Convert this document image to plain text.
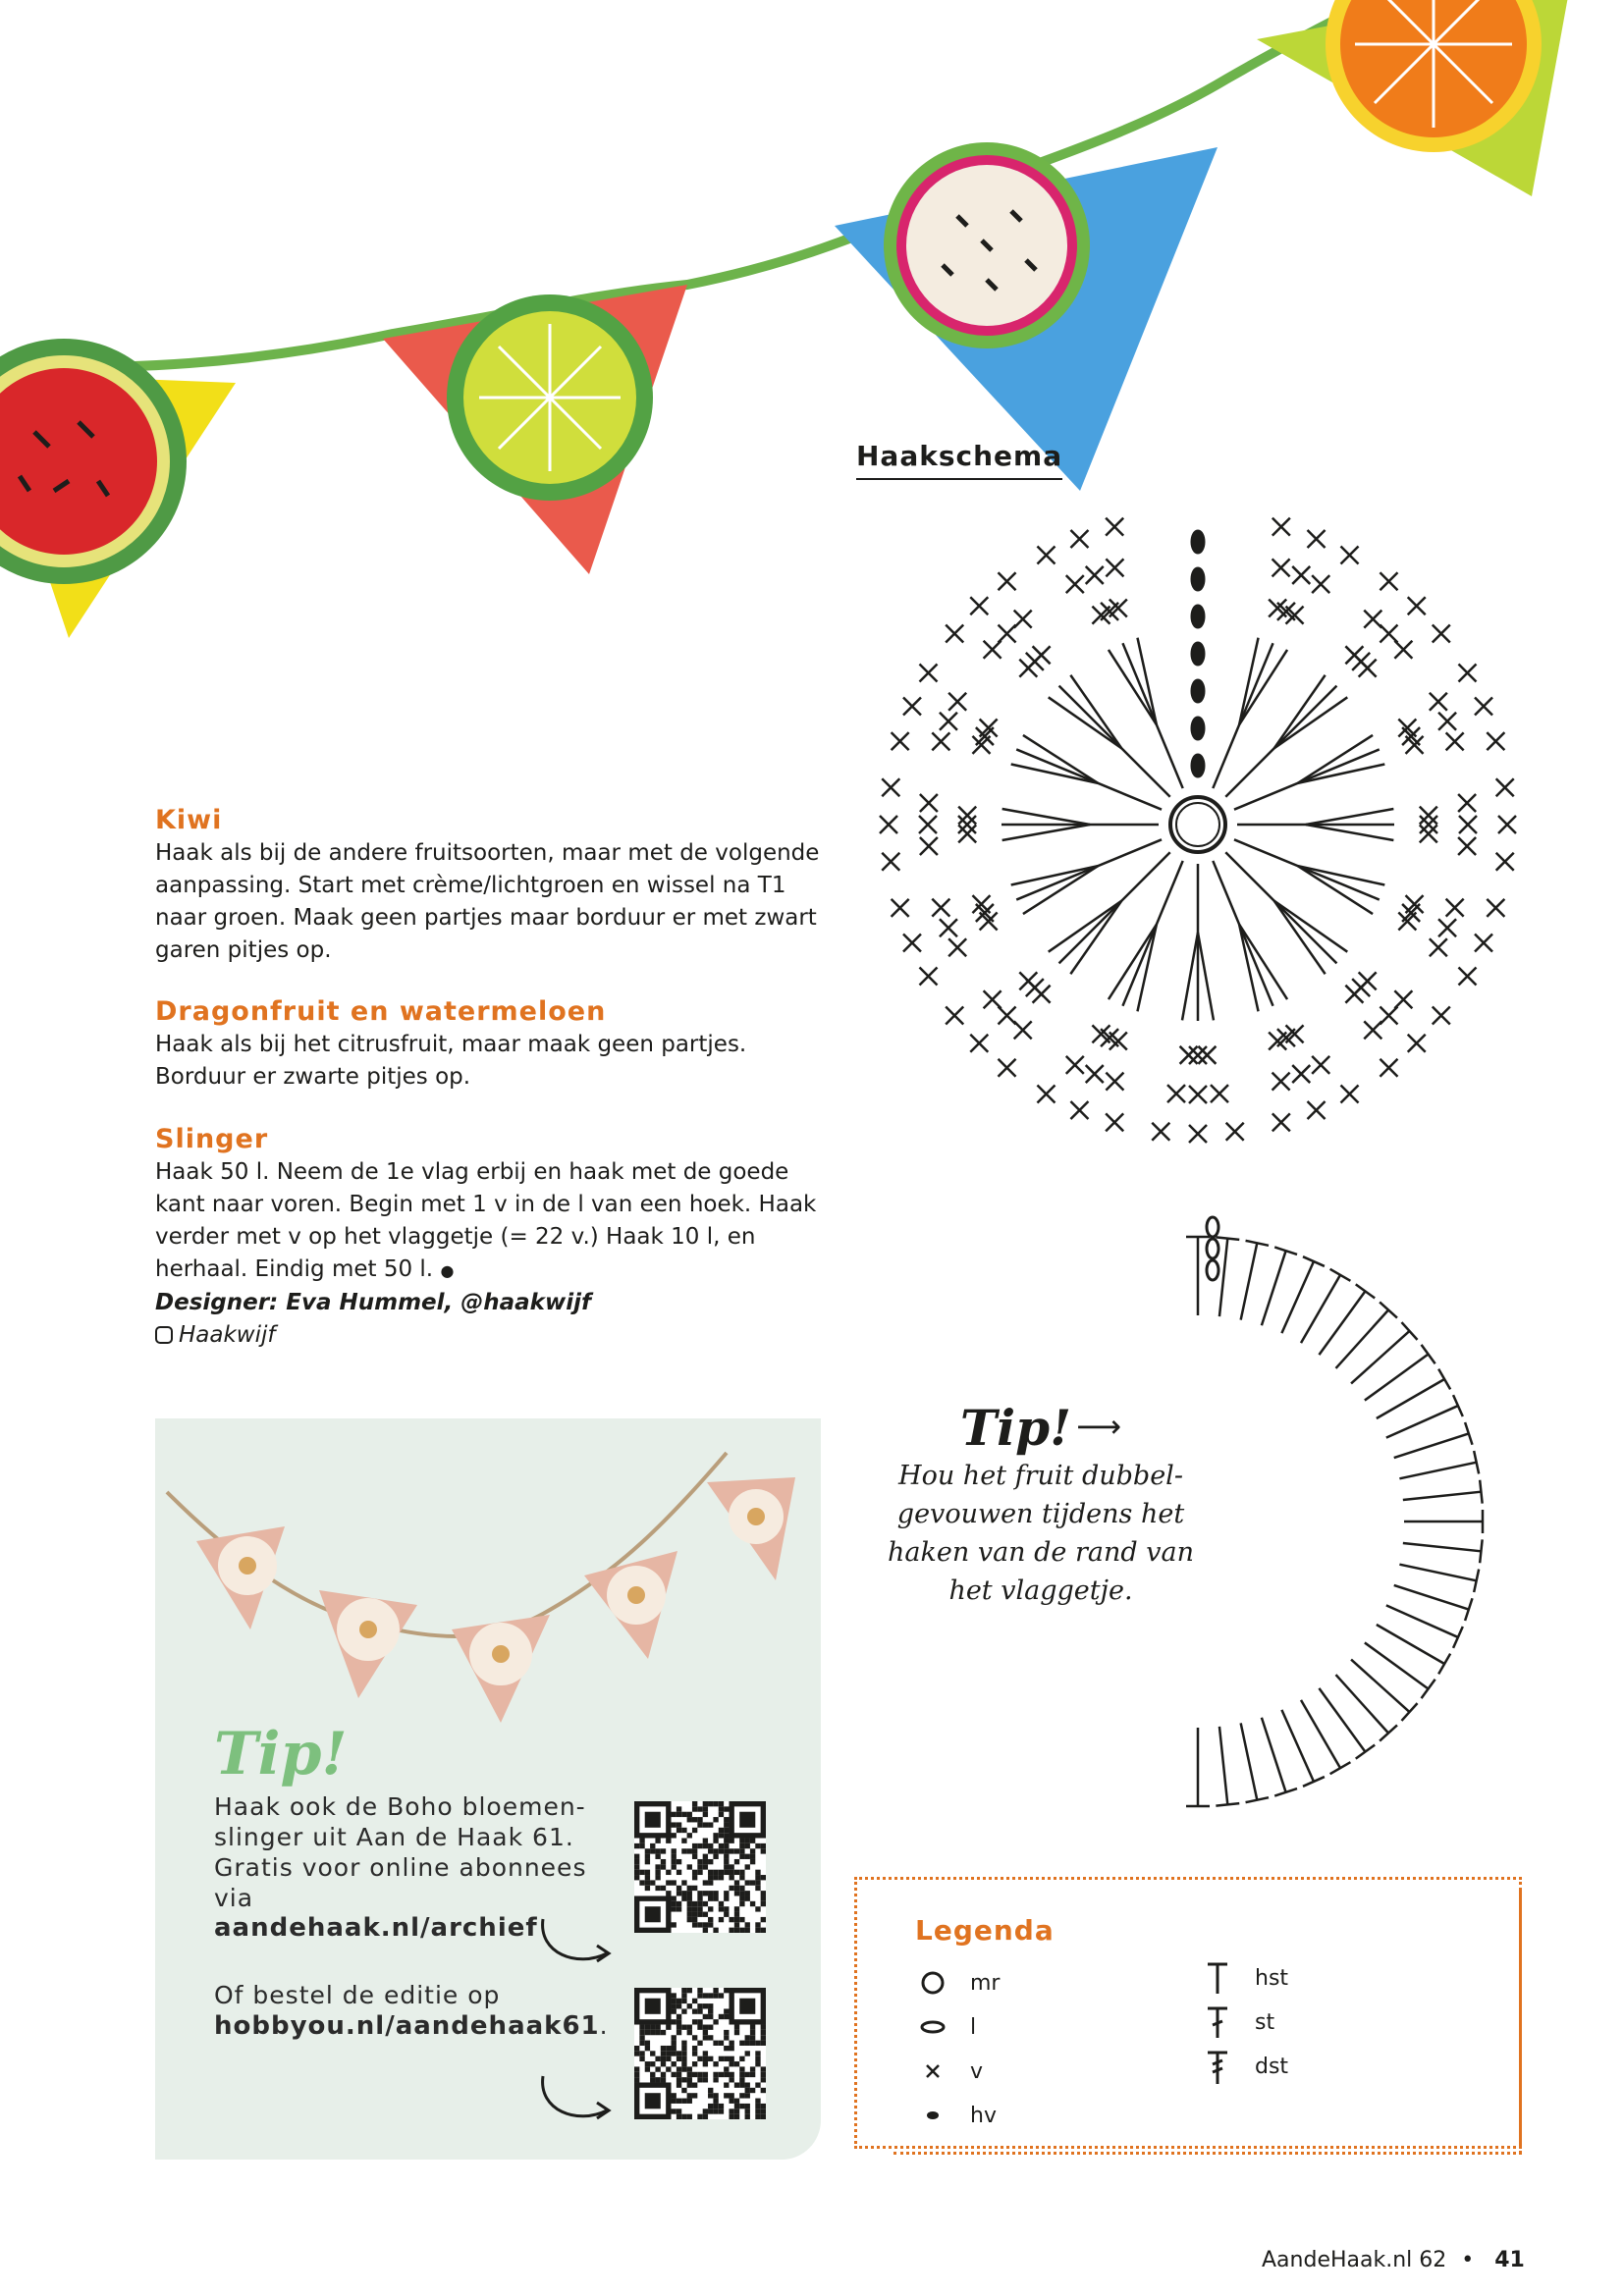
Kiwi

Haak als bij de andere fruitsoorten, maar met de volgende aanpassing. Start met crème/lichtgroen en wissel na T1 naar groen. Maak geen partjes maar borduur er met zwart garen pitjes op.

Dragonfruit en watermeloen

Haak als bij het citrusfruit, maar maak geen partjes. Borduur er zwarte pitjes op.

Slinger

Haak 50 l. Neem de 1e vlag erbij en haak met de goede kant naar voren. Begin met 1 v in de l van een hoek. Haak verder met v op het vlaggetje (= 22 v.) Haak 10 l, en herhaal. Eindig met 50 l. ●

Designer: Eva Hummel, @haakwijf

Haakwijf

Haakschema
Tip! ⟶

Hou het fruit dubbel-gevouwen tijdens het haken van de rand van het vlaggetje.

Tip!

Haak ook de Boho bloemen-slinger uit Aan de Haak 61. Gratis voor online abonnees via

aandehaak.nl/archief

Of bestel de editie op

hobbyou.nl/aandehaak61.

Legenda
mr
l
v
hv
hst
st
dst
AandeHaak.nl 62 • 41
